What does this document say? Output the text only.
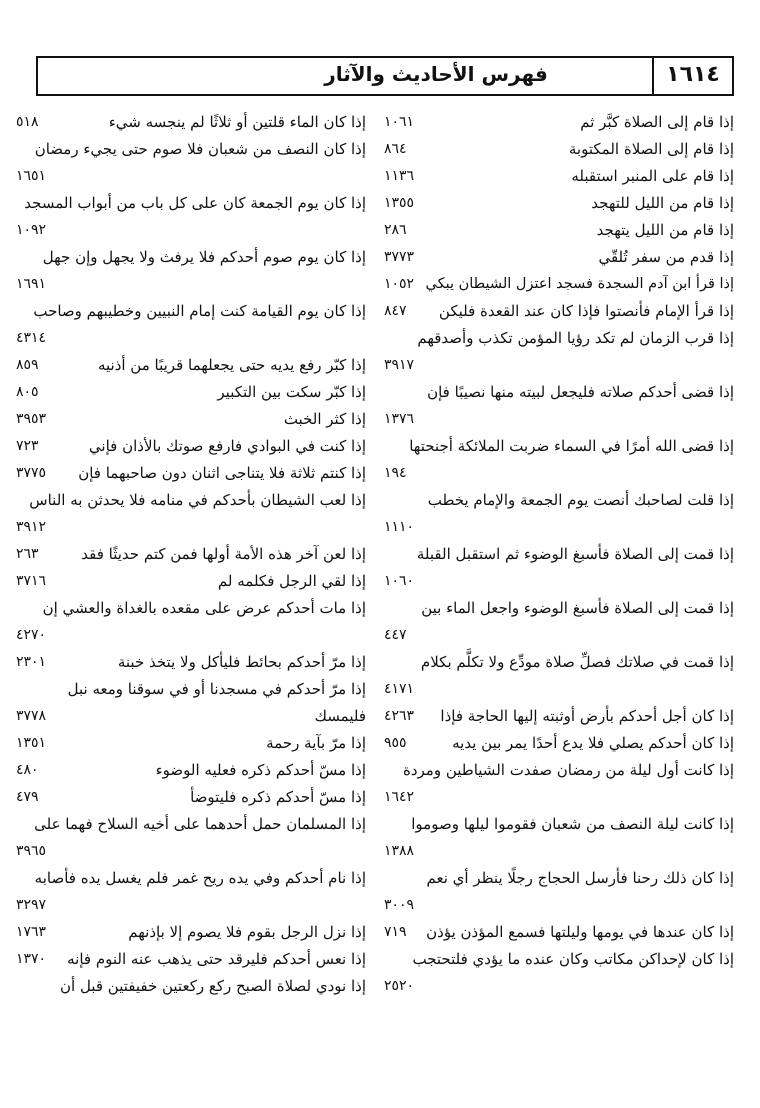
فهرس الأحاديث والآثار	١٦١٤
إذا قام إلى الصلاة كبَّر ثم
١٠٦١
إذا قام إلى الصلاة المكتوبة
٨٦٤
إذا قام على المنبر استقبله
١١٣٦
إذا قام من الليل للتهجد
١٣٥٥
إذا قام من الليل يتهجد
٢٨٦
إذا قدم من سفر تُلقّي
٣٧٧٣
إذا قرأ ابن آدم السجدة فسجد اعتزل الشيطان يبكي
١٠٥٢
إذا قرأ الإمام فأنصتوا فإذا كان عند القعدة فليكن
٨٤٧
إذا قرب الزمان لم تكد رؤيا المؤمن تكذب وأصدقهم
٣٩١٧
إذا قضى أحدكم صلاته فليجعل لبيته منها نصيبًا فإن
١٣٧٦
إذا قضى الله أمرًا في السماء ضربت الملائكة أجنحتها
١٩٤
إذا قلت لصاحبك أنصت يوم الجمعة والإمام يخطب
١١١٠
إذا قمت إلى الصلاة فأسبغ الوضوء ثم استقبل القبلة
١٠٦٠
إذا قمت إلى الصلاة فأسبغ الوضوء واجعل الماء بين
٤٤٧
إذا قمت في صلاتك فصلِّ صلاة مودِّع ولا تكلَّم بكلام
٤١٧١
إذا كان أجل أحدكم بأرض أوثبته إليها الحاجة فإذا
٤٢٦٣
إذا كان أحدكم يصلي فلا يدع أحدًا يمر بين يديه
٩٥٥
إذا كانت أول ليلة من رمضان صفدت الشياطين ومردة
١٦٤٢
إذا كانت ليلة النصف من شعبان فقوموا ليلها وصوموا
١٣٨٨
إذا كان ذلك رحنا فأرسل الحجاج رجلًا ينظر أي نعم
٣٠٠٩
إذا كان عندها في يومها وليلتها فسمع المؤذن يؤذن
٧١٩
إذا كان لإحداكن مكاتب وكان عنده ما يؤدي فلتحتجب
٢٥٢٠
إذا كان الماء قلتين أو ثلاثًا لم ينجسه شيء
٥١٨
إذا كان النصف من شعبان فلا صوم حتى يجيء رمضان
١٦٥١
إذا كان يوم الجمعة كان على كل باب من أبواب المسجد
١٠٩٢
إذا كان يوم صوم أحدكم فلا يرفث ولا يجهل وإن جهل
١٦٩١
إذا كان يوم القيامة كنت إمام النبيين وخطيبهم وصاحب
٤٣١٤
إذا كبّر رفع يديه حتى يجعلهما قريبًا من أذنيه
٨٥٩
إذا كبّر سكت بين التكبير
٨٠٥
إذا كثر الخبث
٣٩٥٣
إذا كنت في البوادي فارفع صوتك بالأذان فإني
٧٢٣
إذا كنتم ثلاثة فلا يتناجى اثنان دون صاحبهما فإن
٣٧٧٥
إذا لعب الشيطان بأحدكم في منامه فلا يحدثن به الناس
٣٩١٢
إذا لعن آخر هذه الأمة أولها فمن كتم حديثًا فقد
٢٦٣
إذا لقي الرجل فكلمه لم
٣٧١٦
إذا مات أحدكم عرض على مقعده بالغداة والعشي إن
٤٢٧٠
إذا مرّ أحدكم بحائط فليأكل ولا يتخذ خبنة
٢٣٠١
إذا مرّ أحدكم في مسجدنا أو في سوقنا ومعه نبل
فليمسك
٣٧٧٨
إذا مرّ بآية رحمة
١٣٥١
إذا مسّ أحدكم ذكره فعليه الوضوء
٤٨٠
إذا مسّ أحدكم ذكره فليتوضأ
٤٧٩
إذا المسلمان حمل أحدهما على أخيه السلاح فهما على
٣٩٦٥
إذا نام أحدكم وفي يده ريح غمر فلم يغسل يده فأصابه
٣٢٩٧
إذا نزل الرجل بقوم فلا يصوم إلا بإذنهم
١٧٦٣
إذا نعس أحدكم فليرقد حتى يذهب عنه النوم فإنه
١٣٧٠
إذا نودي لصلاة الصبح ركع ركعتين خفيفتين قبل أن
